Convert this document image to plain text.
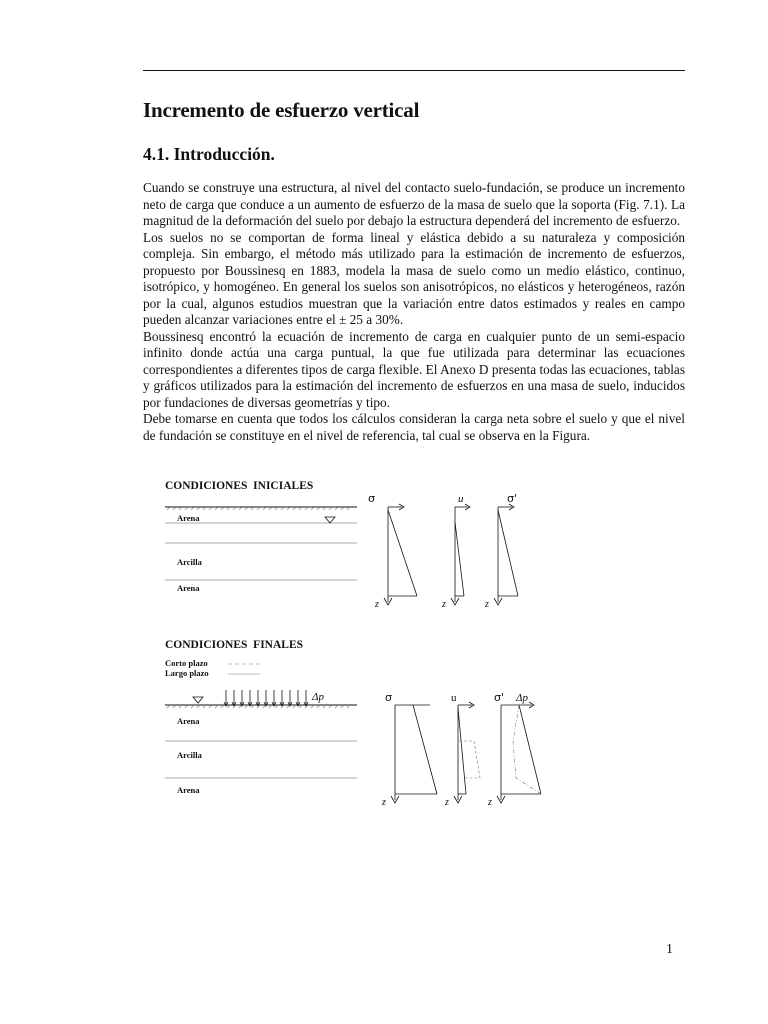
Incremento de esfuerzo vertical
4.1. Introducción.

Cuando se construye una estructura, al nivel del contacto suelo-fundación, se produce un incremento neto de carga que conduce a un aumento de esfuerzo de la masa de suelo que la soporta (Fig. 7.1). La magnitud de la deformación del suelo por debajo la estructura dependerá del incremento de esfuerzo.

Los suelos no se comportan de forma lineal y elástica debido a su naturaleza y composición compleja. Sin embargo, el método más utilizado para la estimación de incremento de esfuerzos, propuesto por Boussinesq en 1883, modela la masa de suelo como un medio elástico, continuo, isotrópico, y homogéneo. En general los suelos son anisotrópicos, no elásticos y heterogéneos, razón por la cual, algunos estudios muestran que la variación entre datos estimados y reales en campo pueden alcanzar variaciones entre el ± 25 a 30%.

Boussinesq encontró la ecuación de incremento de carga en cualquier punto de un semi-espacio infinito donde actúa una carga puntual, la que fue utilizada para determinar las ecuaciones correspondientes a diferentes tipos de carga flexible. El Anexo D presenta todas las ecuaciones, tablas y gráficos utilizados para la estimación del incremento de esfuerzos en una masa de suelo, inducidos por fundaciones de diversas geometrías y tipo.

Debe tomarse en cuenta que todos los cálculos consideran la carga neta sobre el suelo y que el nivel de fundación se constituye en el nivel de referencia, tal cual se observa en la Figura.

CONDICIONES  INICIALES
Arena
Arcilla
Arena
σ
z
u
z
σ'
z
CONDICIONES  FINALES
Corto plazo
Largo plazo
Δp
Arena
Arcilla
Arena
σ
z
u
z
σ' Δp
z
1
